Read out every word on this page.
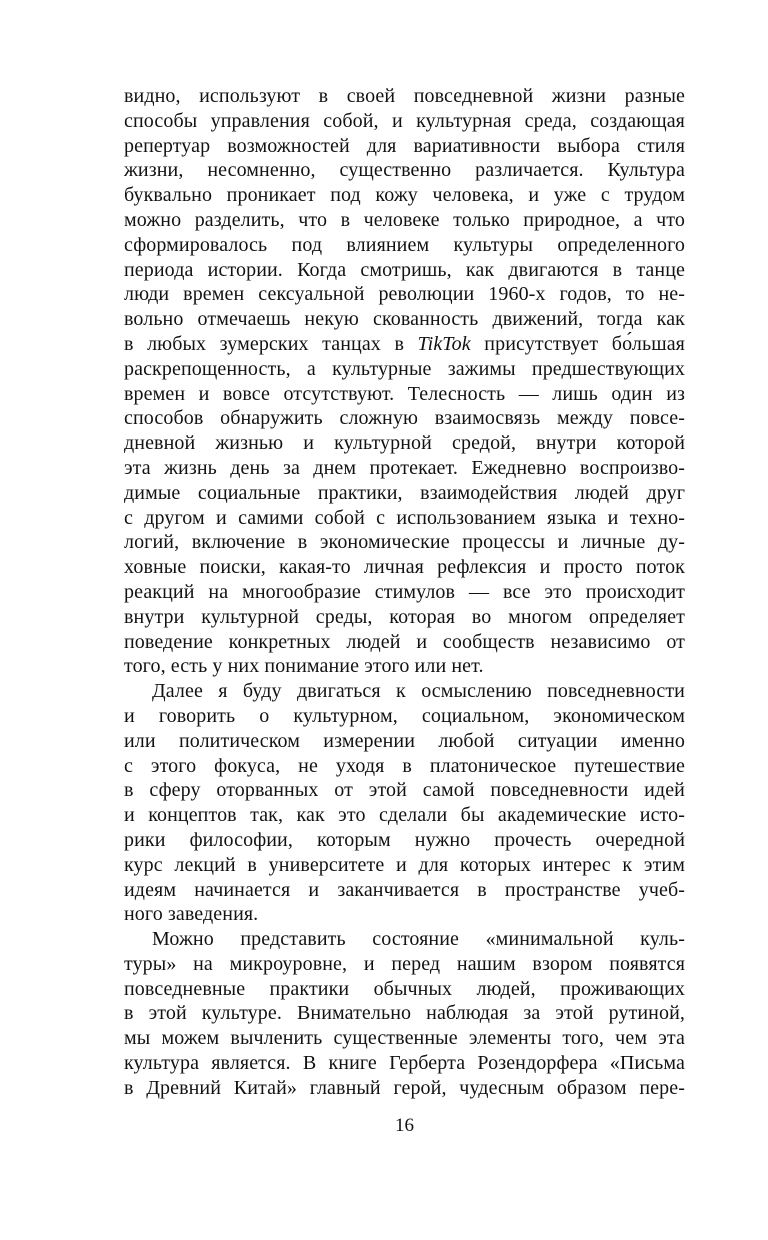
видно, используют в своей повседневной жизни разные
способы управления собой, и культурная среда, создающая
репертуар возможностей для вариативности выбора стиля
жизни, несомненно, существенно различается. Культура
буквально проникает под кожу человека, и уже с трудом
можно разделить, что в человеке только природное, а что
сформировалось под влиянием культуры определенного
периода истории. Когда смотришь, как двигаются в танце
люди времен сексуальной революции 1960-х годов, то не-
вольно отмечаешь некую скованность движений, тогда как
в любых зумерских танцах в TikTok присутствует бо́льшая
раскрепощенность, а культурные зажимы предшествующих
времен и вовсе отсутствуют. Телесность — лишь один из
способов обнаружить сложную взаимосвязь между повсе-
дневной жизнью и культурной средой, внутри которой
эта жизнь день за днем протекает. Ежедневно воспроизво-
димые социальные практики, взаимодействия людей друг
с другом и самими собой с использованием языка и техно-
логий, включение в экономические процессы и личные ду-
ховные поиски, какая-то личная рефлексия и просто поток
реакций на многообразие стимулов — все это происходит
внутри культурной среды, которая во многом определяет
поведение конкретных людей и сообществ независимо от
того, есть у них понимание этого или нет.
Далее я буду двигаться к осмыслению повседневности
и говорить о культурном, социальном, экономическом
или политическом измерении любой ситуации именно
с этого фокуса, не уходя в платоническое путешествие
в сферу оторванных от этой самой повседневности идей
и концептов так, как это сделали бы академические исто-
рики философии, которым нужно прочесть очередной
курс лекций в университете и для которых интерес к этим
идеям начинается и заканчивается в пространстве учеб-
ного заведения.
Можно представить состояние «минимальной куль-
туры» на микроуровне, и перед нашим взором появятся
повседневные практики обычных людей, проживающих
в этой культуре. Внимательно наблюдая за этой рутиной,
мы можем вычленить существенные элементы того, чем эта
культура является. В книге Герберта Розендорфера «Письма
в Древний Китай» главный герой, чудесным образом пере-
16
